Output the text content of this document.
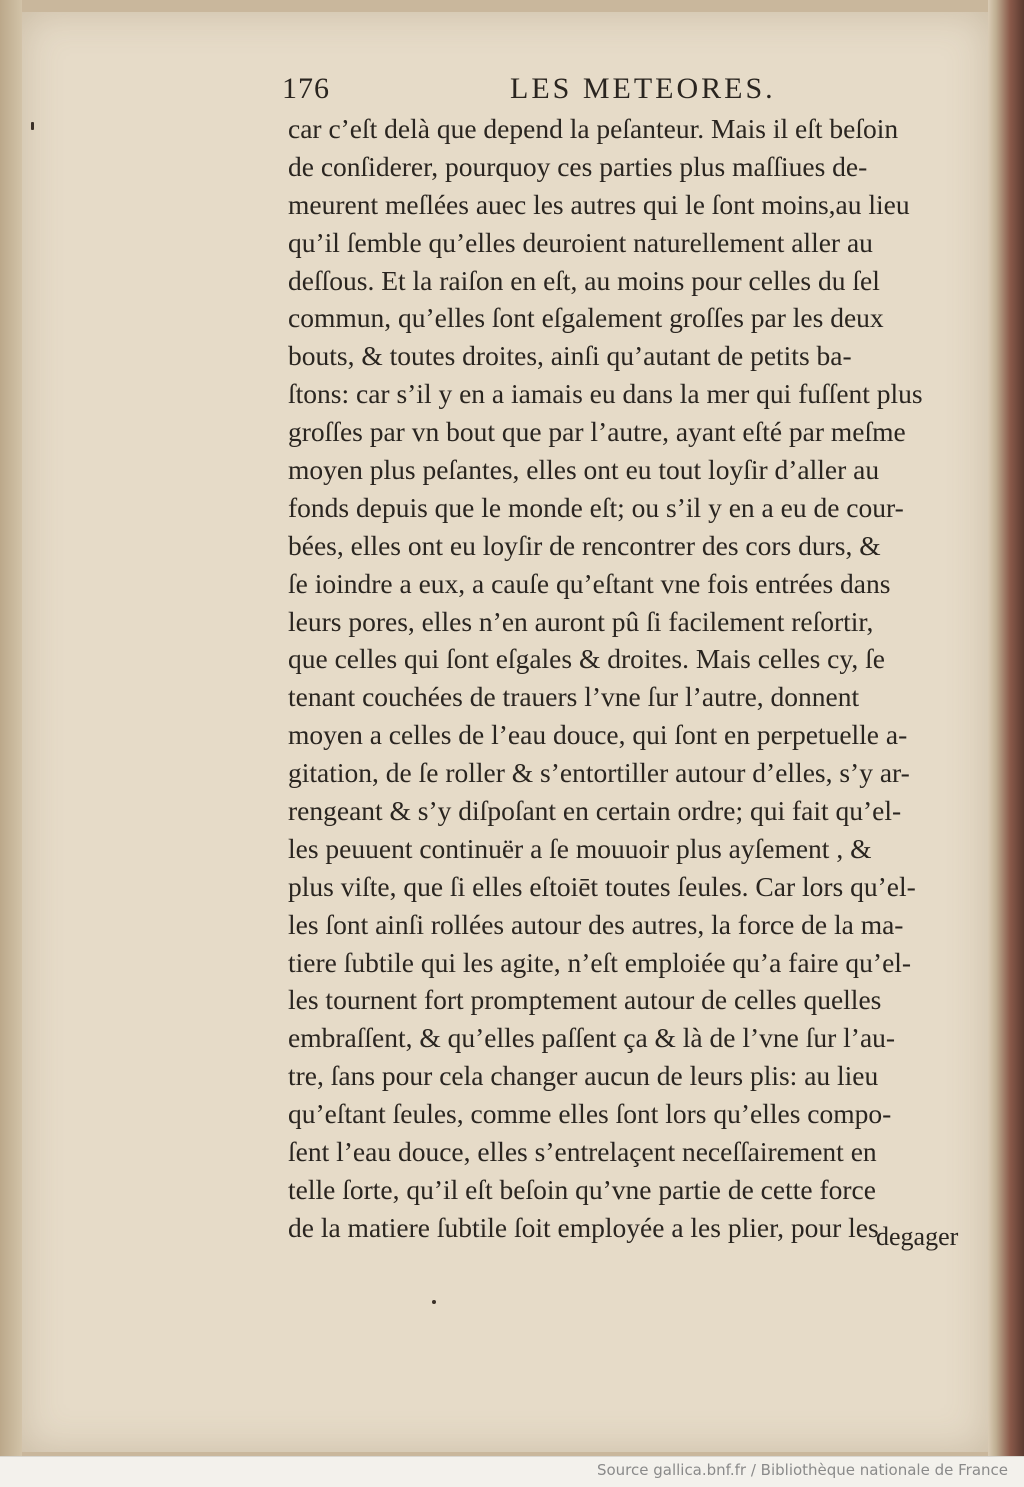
176	LES METEORES.
car c’eſt delà que depend la peſanteur. Mais il eſt beſoin
de conſiderer, pourquoy ces parties plus maſſiues de-
meurent meſlées auec les autres qui le ſont moins,au lieu
qu’il ſemble qu’elles deuroient naturellement aller au
deſſous. Et la raiſon en eſt, au moins pour celles du ſel
commun, qu’elles ſont eſgalement groſſes par les deux
bouts, & toutes droites, ainſi qu’autant de petits ba-
ſtons: car s’il y en a iamais eu dans la mer qui fuſſent plus
groſſes par vn bout que par l’autre, ayant eſté par meſme
moyen plus peſantes, elles ont eu tout loyſir d’aller au
fonds depuis que le monde eſt; ou s’il y en a eu de cour-
bées, elles ont eu loyſir de rencontrer des cors durs, &
ſe ioindre a eux, a cauſe qu’eſtant vne fois entrées dans
leurs pores, elles n’en auront pû ſi facilement reſortir,
que celles qui ſont eſgales & droites. Mais celles cy, ſe
tenant couchées de trauers l’vne ſur l’autre, donnent
moyen a celles de l’eau douce, qui ſont en perpetuelle a-
gitation, de ſe roller & s’entortiller autour d’elles, s’y ar-
rengeant & s’y diſpoſant en certain ordre; qui fait qu’el-
les peuuent continuër a ſe mouuoir plus ayſement , &
plus viſte, que ſi elles eſtoiēt toutes ſeules. Car lors qu’el-
les ſont ainſi rollées autour des autres, la force de la ma-
tiere ſubtile qui les agite, n’eſt emploiée qu’a faire qu’el-
les tournent fort promptement autour de celles quelles
embraſſent, & qu’elles paſſent ça & là de l’vne ſur l’au-
tre, ſans pour cela changer aucun de leurs plis: au lieu
qu’eſtant ſeules, comme elles ſont lors qu’elles compo-
ſent l’eau douce, elles s’entrelaçent neceſſairement en
telle ſorte, qu’il eſt beſoin qu’vne partie de cette force
de la matiere ſubtile ſoit employée a les plier, pour les
degager
Source gallica.bnf.fr / Bibliothèque nationale de France
